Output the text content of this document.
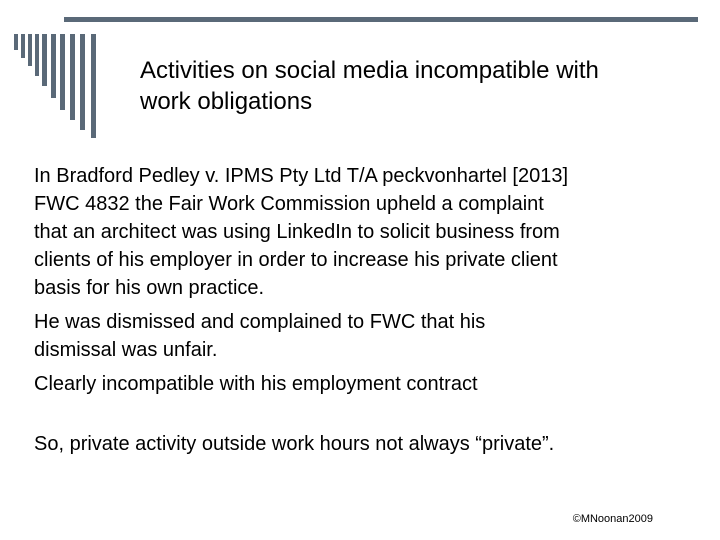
Activities on social media incompatible with
work obligations
In Bradford Pedley v. IPMS Pty Ltd T/A peckvonhartel [2013]
FWC 4832 the Fair Work Commission upheld a complaint
that an architect was using LinkedIn to solicit business from
clients of his employer in order to increase his private client
basis for his own practice.
He was dismissed and complained to FWC that his
dismissal was unfair.
Clearly incompatible with his employment contract
So, private activity outside work hours not always “private”.
©MNoonan2009
